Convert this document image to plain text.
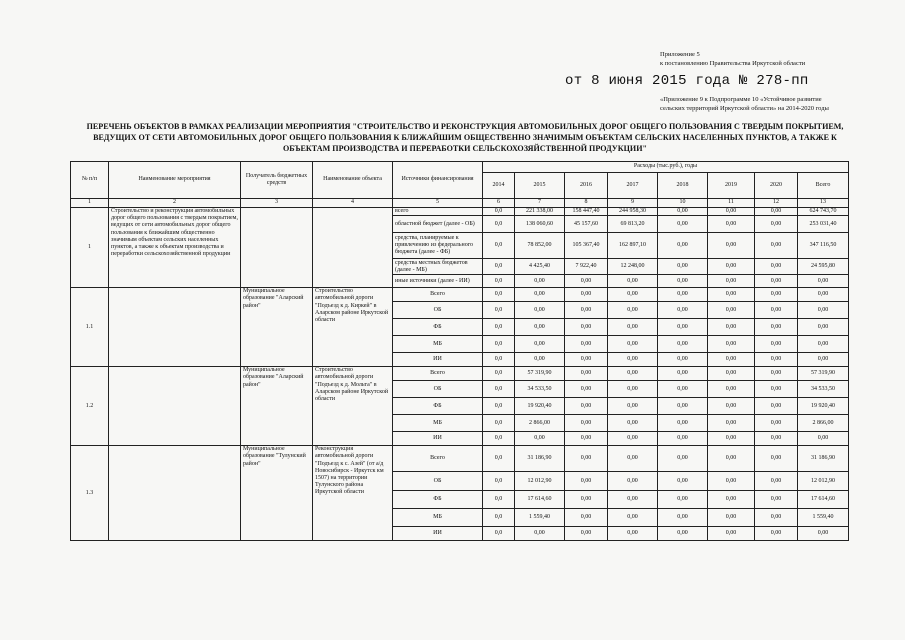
Приложение 5
к постановлению Правительства Иркутской области
от 8 июня 2015 года № 278-пп
«Приложение 9 к Подпрограмме 10 «Устойчивое развитие сельских территорий Иркутской области» на 2014-2020 годы
ПЕРЕЧЕНЬ ОБЪЕКТОВ В РАМКАХ РЕАЛИЗАЦИИ МЕРОПРИЯТИЯ "СТРОИТЕЛЬСТВО И РЕКОНСТРУКЦИЯ АВТОМОБИЛЬНЫХ ДОРОГ ОБЩЕГО ПОЛЬЗОВАНИЯ С ТВЕРДЫМ ПОКРЫТИЕМ, ВЕДУЩИХ ОТ СЕТИ АВТОМОБИЛЬНЫХ ДОРОГ ОБЩЕГО ПОЛЬЗОВАНИЯ К БЛИЖАЙШИМ ОБЩЕСТВЕННО ЗНАЧИМЫМ ОБЪЕКТАМ СЕЛЬСКИХ НАСЕЛЕННЫХ ПУНКТОВ, А ТАКЖЕ К ОБЪЕКТАМ ПРОИЗВОДСТВА И ПЕРЕРАБОТКИ СЕЛЬСКОХОЗЯЙСТВЕННОЙ ПРОДУКЦИИ"
№ п/п	Наименование мероприятия	Получатель бюджетных средств	Наименование объекта	Источники финансирования	Расходы (тыс.руб.), годы							
					2014	2015	2016	2017	2018	2019	2020	Всего
1	2	3	4	5	6	7	8	9	10	11	12	13
1	Строительство и реконструкция автомобильных дорог общего пользования с твердым покрытием, ведущих от сети автомобильных дорог общего пользования к ближайшим общественно значимым объектам сельских населенных пунктов, а также к объектам производства и переработки сельскохозяйственной продукции			всего	0,0	221 338,00	158 447,40	244 958,30	0,00	0,00	0,00	624 743,70
				областной бюджет (далее - ОБ)	0,0	138 060,60	45 157,60	69 813,20	0,00	0,00	0,00	253 031,40
				средства, планируемые к привлечению из федерального бюджета (далее - ФБ)	0,0	78 852,00	105 367,40	162 897,10	0,00	0,00	0,00	347 116,50
				средства местных бюджетов (далее - МБ)	0,0	4 425,40	7 922,40	12 248,00	0,00	0,00	0,00	24 595,80
				иные источники (далее - ИИ)	0,0	0,00	0,00	0,00	0,00	0,00	0,00	0,00
1.1		Муниципальное образование "Аларский район"	Строительство автомобильной дороги "Подъезд к д. Киркей" в Аларском районе Иркутской области	Всего	0,0	0,00	0,00	0,00	0,00	0,00	0,00	0,00
				ОБ	0,0	0,00	0,00	0,00	0,00	0,00	0,00	0,00
				ФБ	0,0	0,00	0,00	0,00	0,00	0,00	0,00	0,00
				МБ	0,0	0,00	0,00	0,00	0,00	0,00	0,00	0,00
				ИИ	0,0	0,00	0,00	0,00	0,00	0,00	0,00	0,00
1.2		Муниципальное образование "Аларский район"	Строительство автомобильной дороги "Подъезд к д. Мольта" в Аларском районе Иркутской области	Всего	0,0	57 319,90	0,00	0,00	0,00	0,00	0,00	57 319,90
				ОБ	0,0	34 533,50	0,00	0,00	0,00	0,00	0,00	34 533,50
				ФБ	0,0	19 920,40	0,00	0,00	0,00	0,00	0,00	19 920,40
				МБ	0,0	2 866,00	0,00	0,00	0,00	0,00	0,00	2 866,00
				ИИ	0,0	0,00	0,00	0,00	0,00	0,00	0,00	0,00
1.3		Муниципальное образование "Тулунский район"	Реконструкция автомобильной дороги "Подъезд к с. Азей" (от а/д Новосибирск - Иркутск км 1507) на территории Тулунского района Иркутской области	Всего	0,0	31 186,90	0,00	0,00	0,00	0,00	0,00	31 186,90
				ОБ	0,0	12 012,90	0,00	0,00	0,00	0,00	0,00	12 012,90
				ФБ	0,0	17 614,60	0,00	0,00	0,00	0,00	0,00	17 614,60
				МБ	0,0	1 559,40	0,00	0,00	0,00	0,00	0,00	1 559,40
				ИИ	0,0	0,00	0,00	0,00	0,00	0,00	0,00	0,00
